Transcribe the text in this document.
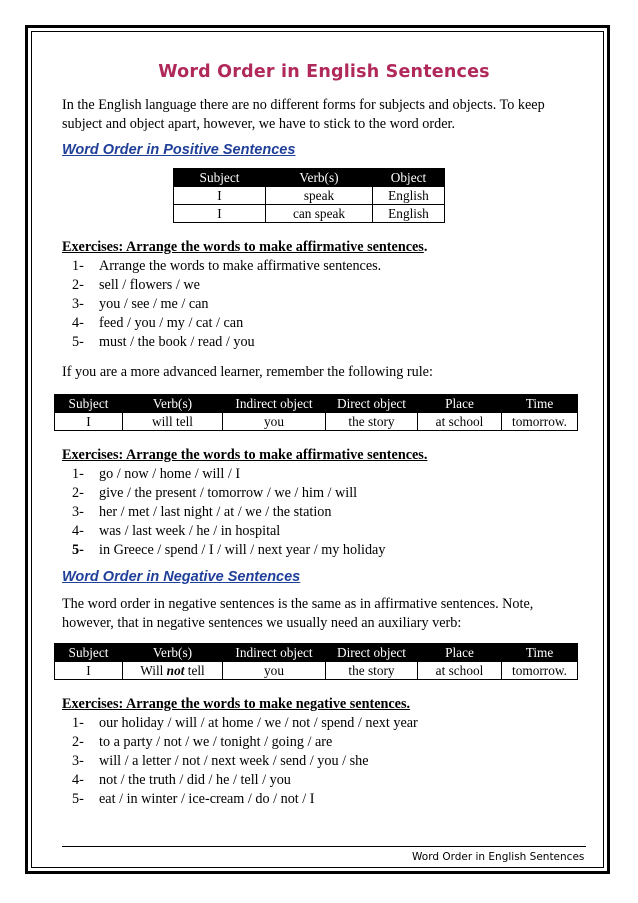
Word Order in English Sentences

In the English language there are no different forms for subjects and objects. To keep subject and object apart, however, we have to stick to the word order.

Word Order in Positive Sentences
Subject	Verb(s)	Object
I	speak	English
I	can speak	English
Exercises: Arrange the words to make affirmative sentences.
1- Arrange the words to make affirmative sentences.
2- sell / flowers / we
3- you / see / me / can
4- feed / you / my / cat / can
5- must / the book / read / you

If you are a more advanced learner, remember the following rule:

Subject	Verb(s)	Indirect object	Direct object	Place	Time
I	will tell	you	the story	at school	tomorrow.
Exercises: Arrange the words to make affirmative sentences.
1- go / now / home / will / I
2- give / the present / tomorrow / we / him / will
3- her / met / last night / at / we / the station
4- was / last week / he / in hospital
5- in Greece / spend / I / will / next year / my holiday
Word Order in Negative Sentences

The word order in negative sentences is the same as in affirmative sentences. Note, however, that in negative sentences we usually need an auxiliary verb:

Subject	Verb(s)	Indirect object	Direct object	Place	Time
I	Will not tell	you	the story	at school	tomorrow.
Exercises: Arrange the words to make negative sentences.
1- our holiday / will / at home / we / not / spend / next year
2- to a party / not / we / tonight / going / are
3- will / a letter / not / next week / send / you / she
4- not / the truth / did / he / tell / you
5- eat / in winter / ice-cream / do / not / I
Word Order in English Sentences
